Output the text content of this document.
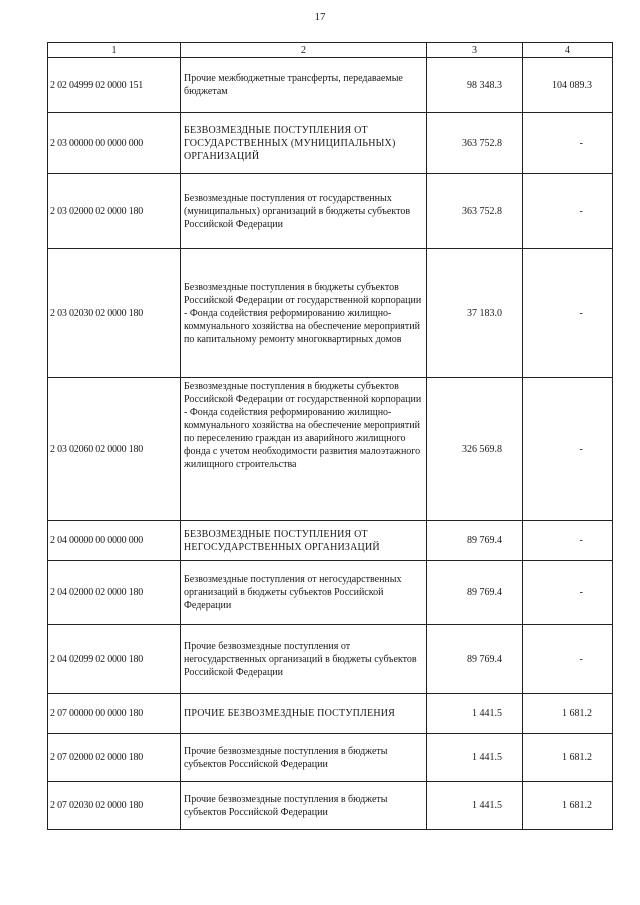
17
1	2	3	4
2 02 04999 02 0000 151	Прочие межбюджетные трансферты, передаваемые бюджетам	98 348.3	104 089.3
2 03 00000 00 0000 000	БЕЗВОЗМЕЗДНЫЕ ПОСТУПЛЕНИЯ ОТ ГОСУДАРСТВЕННЫХ (МУНИЦИПАЛЬНЫХ) ОРГАНИЗАЦИЙ	363 752.8	-
2 03 02000 02 0000 180	Безвозмездные поступления от государственных (муниципальных) организаций в бюджеты субъектов Российской Федерации	363 752.8	-
2 03 02030 02 0000 180	Безвозмездные поступления в бюджеты субъектов Российской Федерации от государственной корпорации - Фонда содействия реформированию жилищно-коммунального хозяйства на обеспечение мероприятий по капитальному ремонту многоквартирных домов	37 183.0	-
2 03 02060 02 0000 180	Безвозмездные поступления в бюджеты субъектов Российской Федерации от государственной корпорации - Фонда содействия реформированию жилищно-коммунального хозяйства на обеспечение мероприятий по переселению граждан из аварийного жилищного фонда с учетом необходимости развития малоэтажного жилищного строительства	326 569.8	-
2 04 00000 00 0000 000	БЕЗВОЗМЕЗДНЫЕ ПОСТУПЛЕНИЯ ОТ НЕГОСУДАРСТВЕННЫХ ОРГАНИЗАЦИЙ	89 769.4	-
2 04 02000 02 0000 180	Безвозмездные поступления от негосударственных организаций в бюджеты субъектов Российской Федерации	89 769.4	-
2 04 02099 02 0000 180	Прочие безвозмездные поступления от негосударственных организаций в бюджеты субъектов Российской Федерации	89 769.4	-
2 07 00000 00 0000 180	ПРОЧИЕ БЕЗВОЗМЕЗДНЫЕ ПОСТУПЛЕНИЯ	1 441.5	1 681.2
2 07 02000 02 0000 180	Прочие безвозмездные поступления в бюджеты субъектов Российской Федерации	1 441.5	1 681.2
2 07 02030 02 0000 180	Прочие безвозмездные поступления в бюджеты субъектов Российской Федерации	1 441.5	1 681.2
